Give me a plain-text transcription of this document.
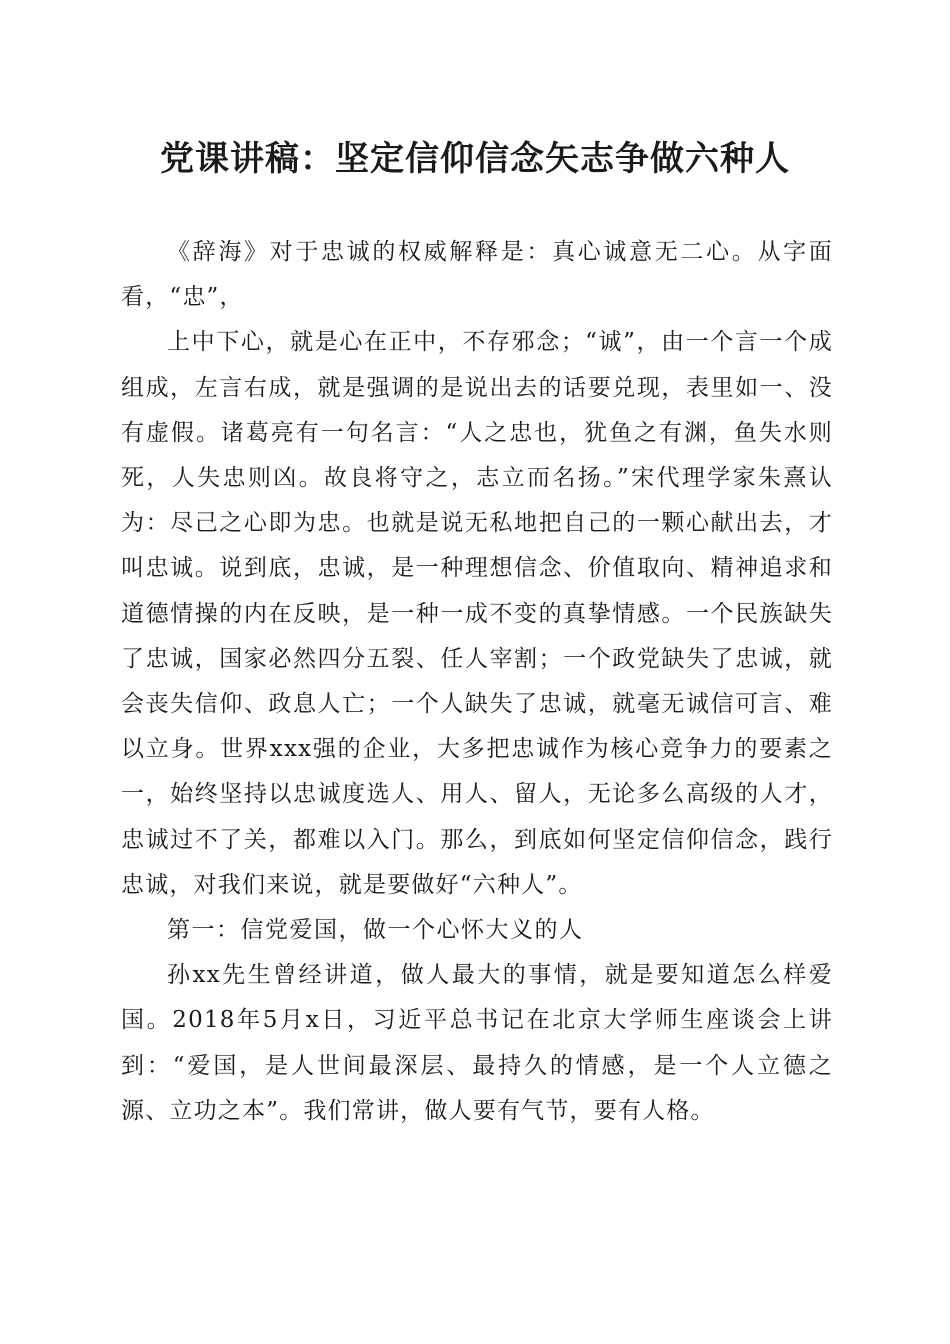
党课讲稿：坚定信仰信念矢志争做六种人

《辞海》对于忠诚的权威解释是：真心诚意无二心。从字面看，“忠”，

上中下心，就是心在正中，不存邪念；“诚”，由一个言一个成组成，左言右成，就是强调的是说出去的话要兑现，表里如一、没有虚假。诸葛亮有一句名言：“人之忠也，犹鱼之有渊，鱼失水则死，人失忠则凶。故良将守之，志立而名扬。”宋代理学家朱熹认为：尽己之心即为忠。也就是说无私地把自己的一颗心献出去，才叫忠诚。说到底，忠诚，是一种理想信念、价值取向、精神追求和道德情操的内在反映，是一种一成不变的真挚情感。一个民族缺失了忠诚，国家必然四分五裂、任人宰割；一个政党缺失了忠诚，就会丧失信仰、政息人亡；一个人缺失了忠诚，就毫无诚信可言、难以立身。世界xxx强的企业，大多把忠诚作为核心竞争力的要素之一，始终坚持以忠诚度选人、用人、留人，无论多么高级的人才，忠诚过不了关，都难以入门。那么，到底如何坚定信仰信念，践行忠诚，对我们来说，就是要做好“六种人”。

第一：信党爱国，做一个心怀大义的人

孙xx先生曾经讲道，做人最大的事情，就是要知道怎么样爱国。2018年5月x日，习近平总书记在北京大学师生座谈会上讲到：“爱国，是人世间最深层、最持久的情感，是一个人立德之源、立功之本”。我们常讲，做人要有气节，要有人格。
